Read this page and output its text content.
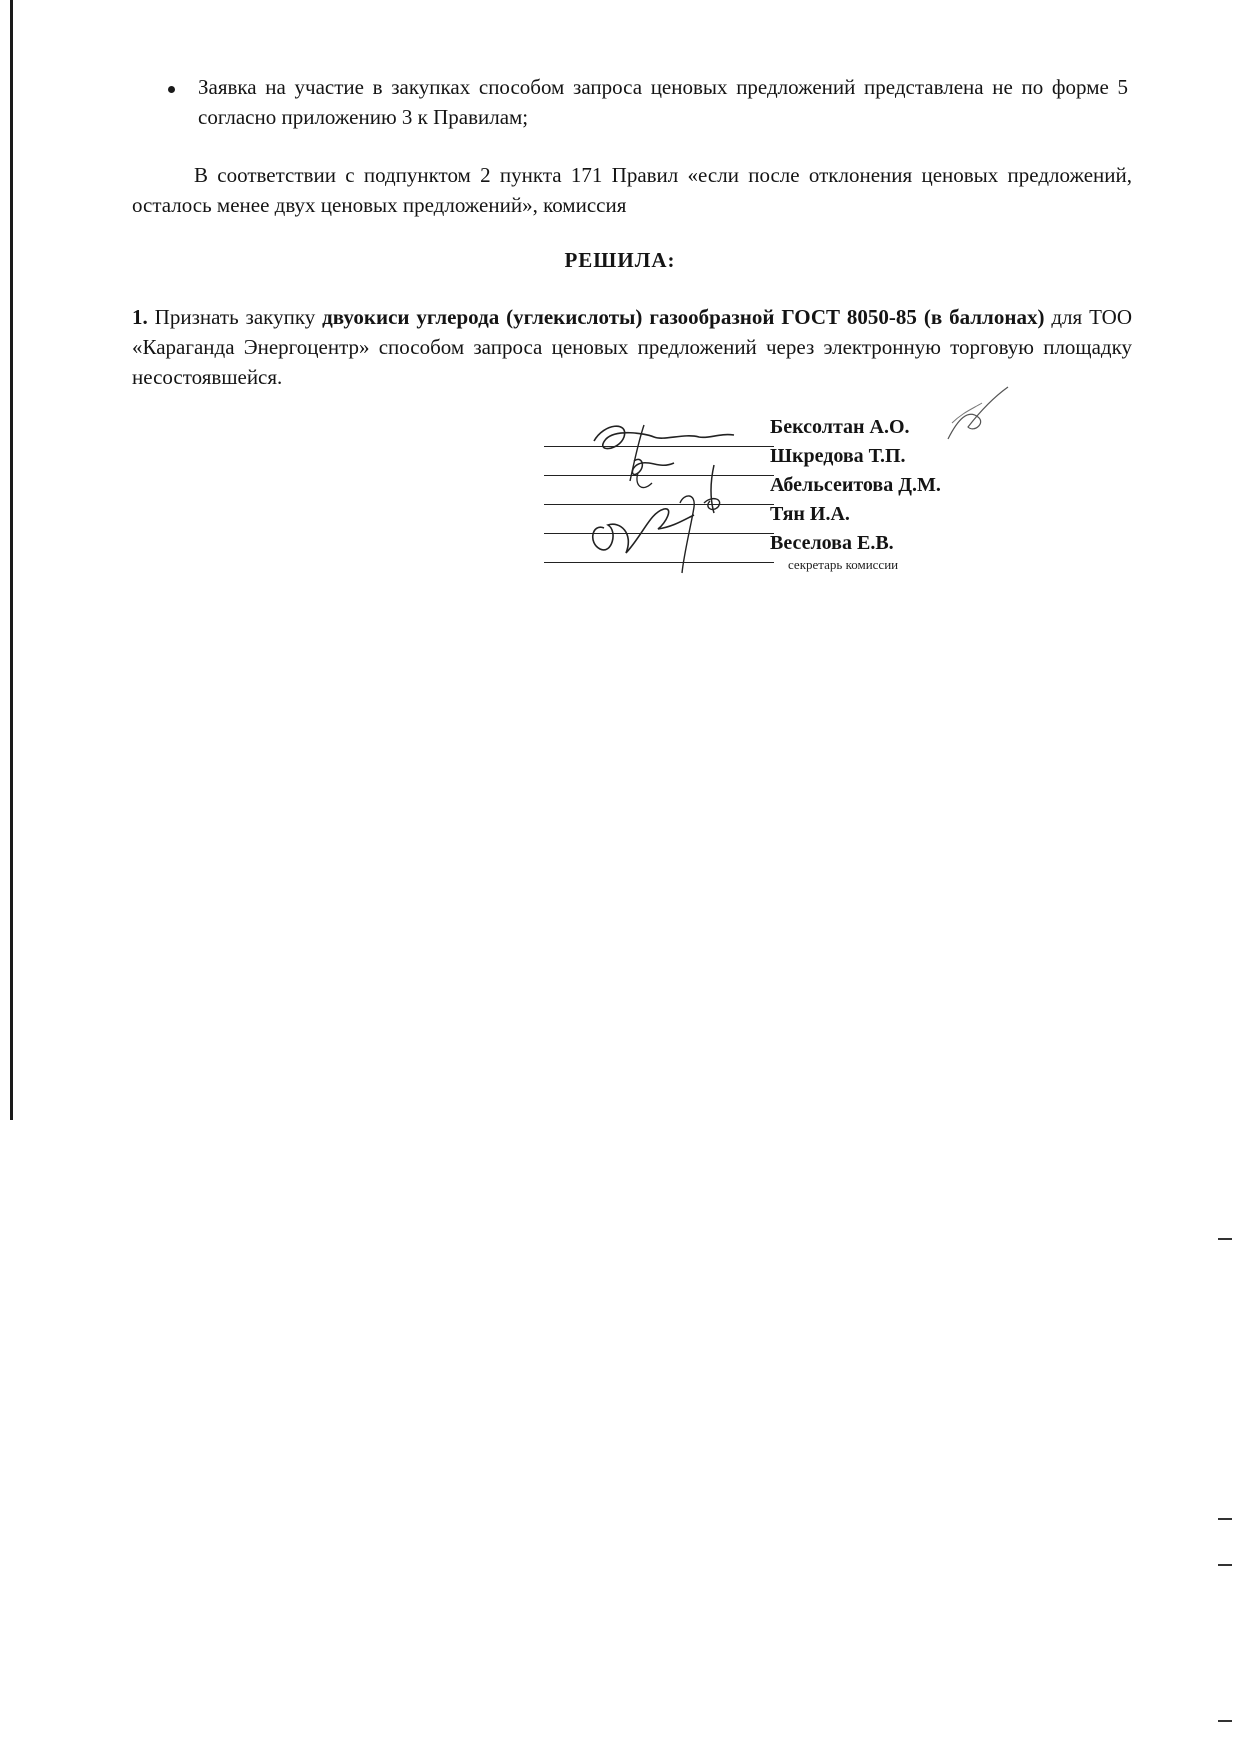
Заявка на участие в закупках способом запроса ценовых предложений представлена не по форме 5 согласно приложению 3 к Правилам;
В соответствии с подпунктом 2 пункта 171 Правил «если после отклонения ценовых предложений, осталось менее двух ценовых предложений», комиссия
РЕШИЛА:
1. Признать закупку двуокиси углерода (углекислоты) газообразной ГОСТ 8050-85 (в баллонах) для ТОО «Караганда Энергоцентр» способом запроса ценовых предложений через электронную торговую площадку несостоявшейся.
Бексолтан А.О.
Шкредова Т.П.
Абельсеитова Д.М.
Тян И.А.
Веселова Е.В.
секретарь комиссии
